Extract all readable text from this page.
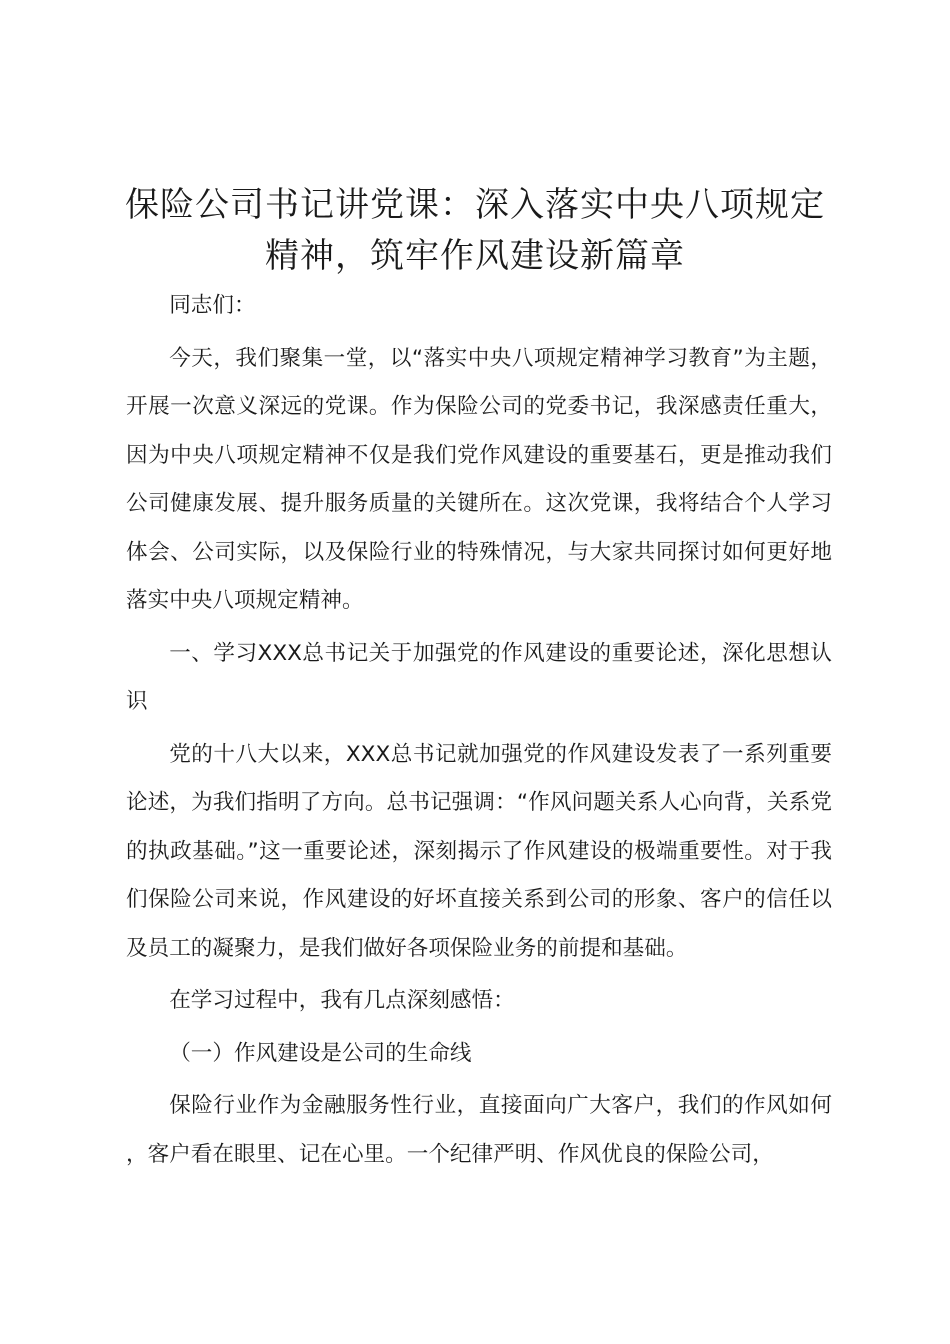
保险公司书记讲党课：深入落实中央八项规定
精神，筑牢作风建设新篇章

同志们：

今天，我们聚集一堂，以“落实中央八项规定精神学习教育”为主题，开展一次意义深远的党课。作为保险公司的党委书记，我深感责任重大，因为中央八项规定精神不仅是我们党作风建设的重要基石，更是推动我们公司健康发展、提升服务质量的关键所在。这次党课，我将结合个人学习体会、公司实际，以及保险行业的特殊情况，与大家共同探讨如何更好地落实中央八项规定精神。

一、学习XXX总书记关于加强党的作风建设的重要论述，深化思想认识

党的十八大以来，XXX总书记就加强党的作风建设发表了一系列重要论述，为我们指明了方向。总书记强调：“作风问题关系人心向背，关系党的执政基础。”这一重要论述，深刻揭示了作风建设的极端重要性。对于我们保险公司来说，作风建设的好坏直接关系到公司的形象、客户的信任以及员工的凝聚力，是我们做好各项保险业务的前提和基础。

在学习过程中，我有几点深刻感悟：

（一）作风建设是公司的生命线

保险行业作为金融服务性行业，直接面向广大客户，我们的作风如何，客户看在眼里、记在心里。一个纪律严明、作风优良的保险公司，
